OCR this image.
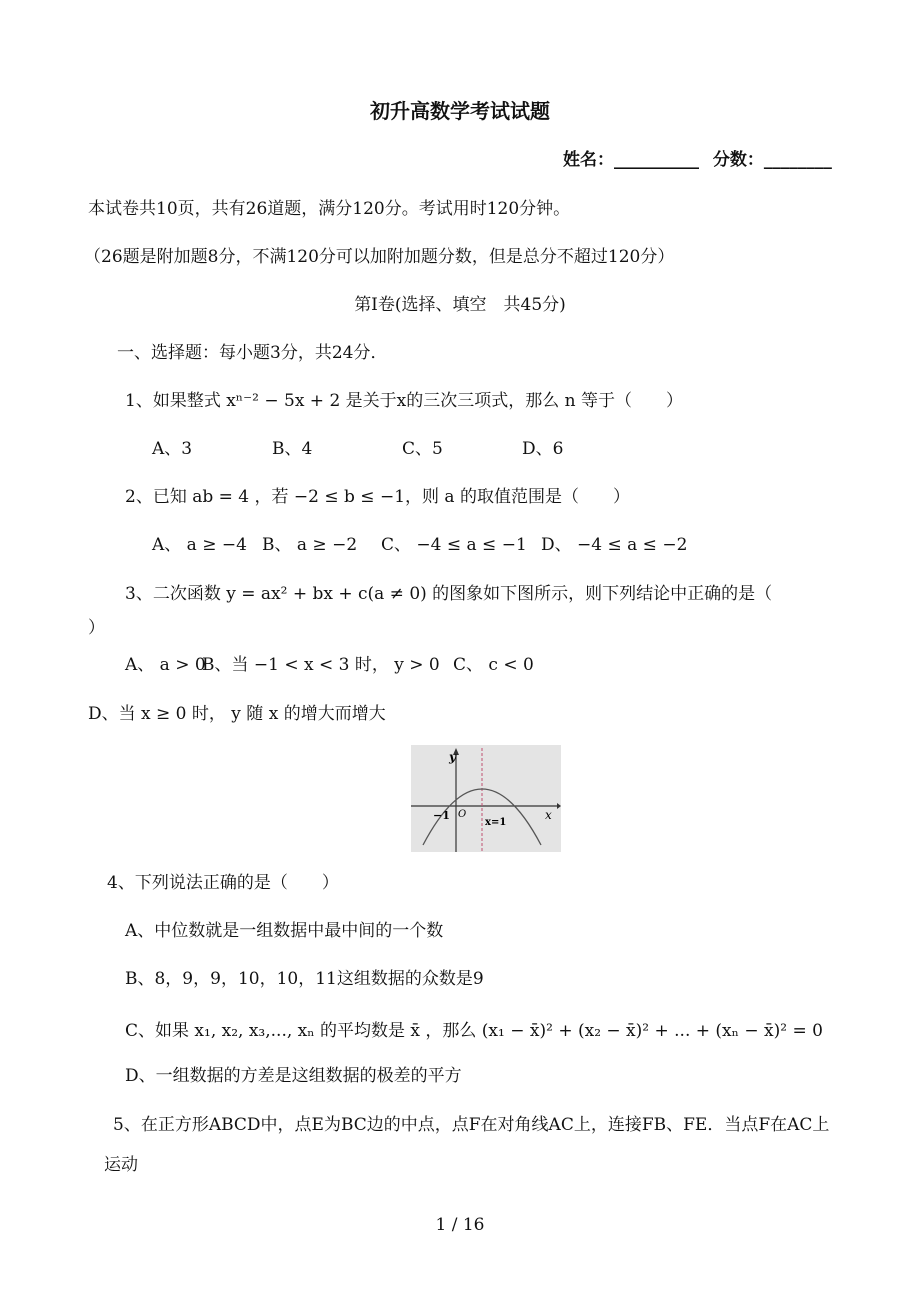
初升高数学考试试题
姓名：__________ 分数：________
本试卷共10页，共有26道题，满分120分。考试用时120分钟。
（26题是附加题8分，不满120分可以加附加题分数，但是总分不超过120分）
第I卷(选择、填空　共45分)
一、选择题：每小题3分，共24分．
1、如果整式 xⁿ⁻² − 5x + 2 是关于x的三次三项式，那么 n 等于（　　）
A、3	B、4	C、5	D、6
2、已知 ab = 4 ，若 −2 ≤ b ≤ −1，则 a 的取值范围是（　　）
A、 a ≥ −4 B、 a ≥ −2 C、 −4 ≤ a ≤ −1 D、 −4 ≤ a ≤ −2
3、二次函数 y = ax² + bx + c(a ≠ 0) 的图象如下图所示，则下列结论中正确的是（
）
A、 a > 0
B、当 −1 < x < 3 时， y > 0 C、 c < 0
D、当 x ≥ 0 时， y 随 x 的增大而增大
y
x
O
−1
x=1
4、下列说法正确的是（　　）
A、中位数就是一组数据中最中间的一个数
B、8，9，9，10，10，11这组数据的众数是9
C、如果 x₁, x₂, x₃,..., xₙ 的平均数是 x̄ ，那么 (x₁ − x̄)² + (x₂ − x̄)² + ... + (xₙ − x̄)² = 0
D、一组数据的方差是这组数据的极差的平方
5、在正方形ABCD中，点E为BC边的中点，点F在对角线AC上，连接FB、FE．当点F在AC上
运动
1 / 16
